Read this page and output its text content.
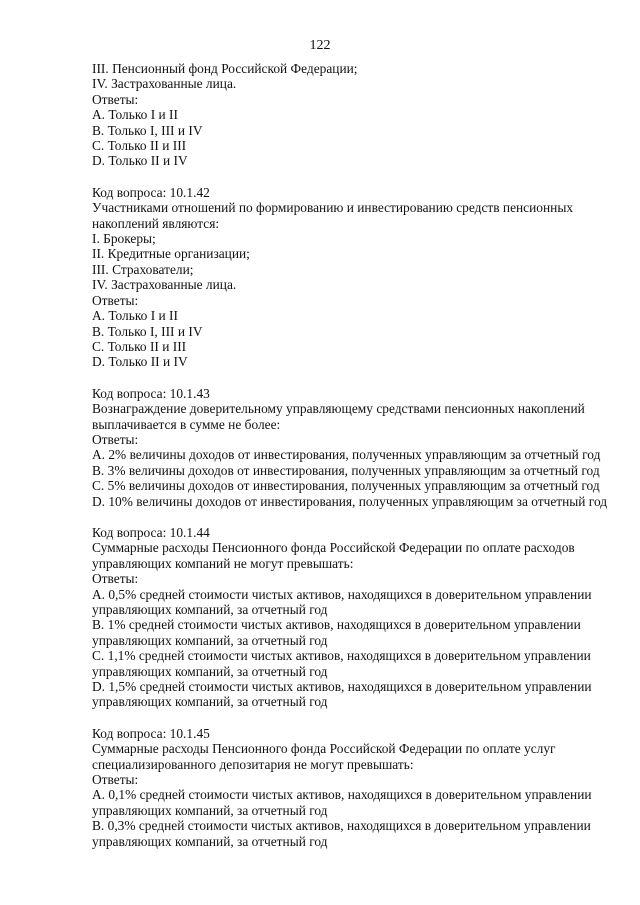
122

III. Пенсионный фонд Российской Федерации;

IV. Застрахованные лица.

Ответы:

A. Только I и II

B. Только I, III и IV

C. Только II и III

D. Только II и IV

Код вопроса: 10.1.42

Участниками отношений по формированию и инвестированию средств пенсионных

накоплений являются:

I. Брокеры;

II. Кредитные организации;

III. Страхователи;

IV. Застрахованные лица.

Ответы:

A. Только I и II

B. Только I, III и IV

C. Только II и III

D. Только II и IV

Код вопроса: 10.1.43

Вознаграждение доверительному управляющему средствами пенсионных накоплений

выплачивается в сумме не более:

Ответы:

A. 2% величины доходов от инвестирования, полученных управляющим за отчетный год

B. 3% величины доходов от инвестирования, полученных управляющим за отчетный год

C. 5% величины доходов от инвестирования, полученных управляющим за отчетный год

D. 10% величины доходов от инвестирования, полученных управляющим за отчетный год

Код вопроса: 10.1.44

Суммарные расходы Пенсионного фонда Российской Федерации по оплате расходов

управляющих компаний не могут превышать:

Ответы:

A. 0,5% средней стоимости чистых активов, находящихся в доверительном управлении

управляющих компаний, за отчетный год

B. 1% средней стоимости чистых активов, находящихся в доверительном управлении

управляющих компаний, за отчетный год

C. 1,1% средней стоимости чистых активов, находящихся в доверительном управлении

управляющих компаний, за отчетный год

D. 1,5% средней стоимости чистых активов, находящихся в доверительном управлении

управляющих компаний, за отчетный год

Код вопроса: 10.1.45

Суммарные расходы Пенсионного фонда Российской Федерации по оплате услуг

специализированного депозитария не могут превышать:

Ответы:

A. 0,1% средней стоимости чистых активов, находящихся в доверительном управлении

управляющих компаний, за отчетный год

B. 0,3% средней стоимости чистых активов, находящихся в доверительном управлении

управляющих компаний, за отчетный год
